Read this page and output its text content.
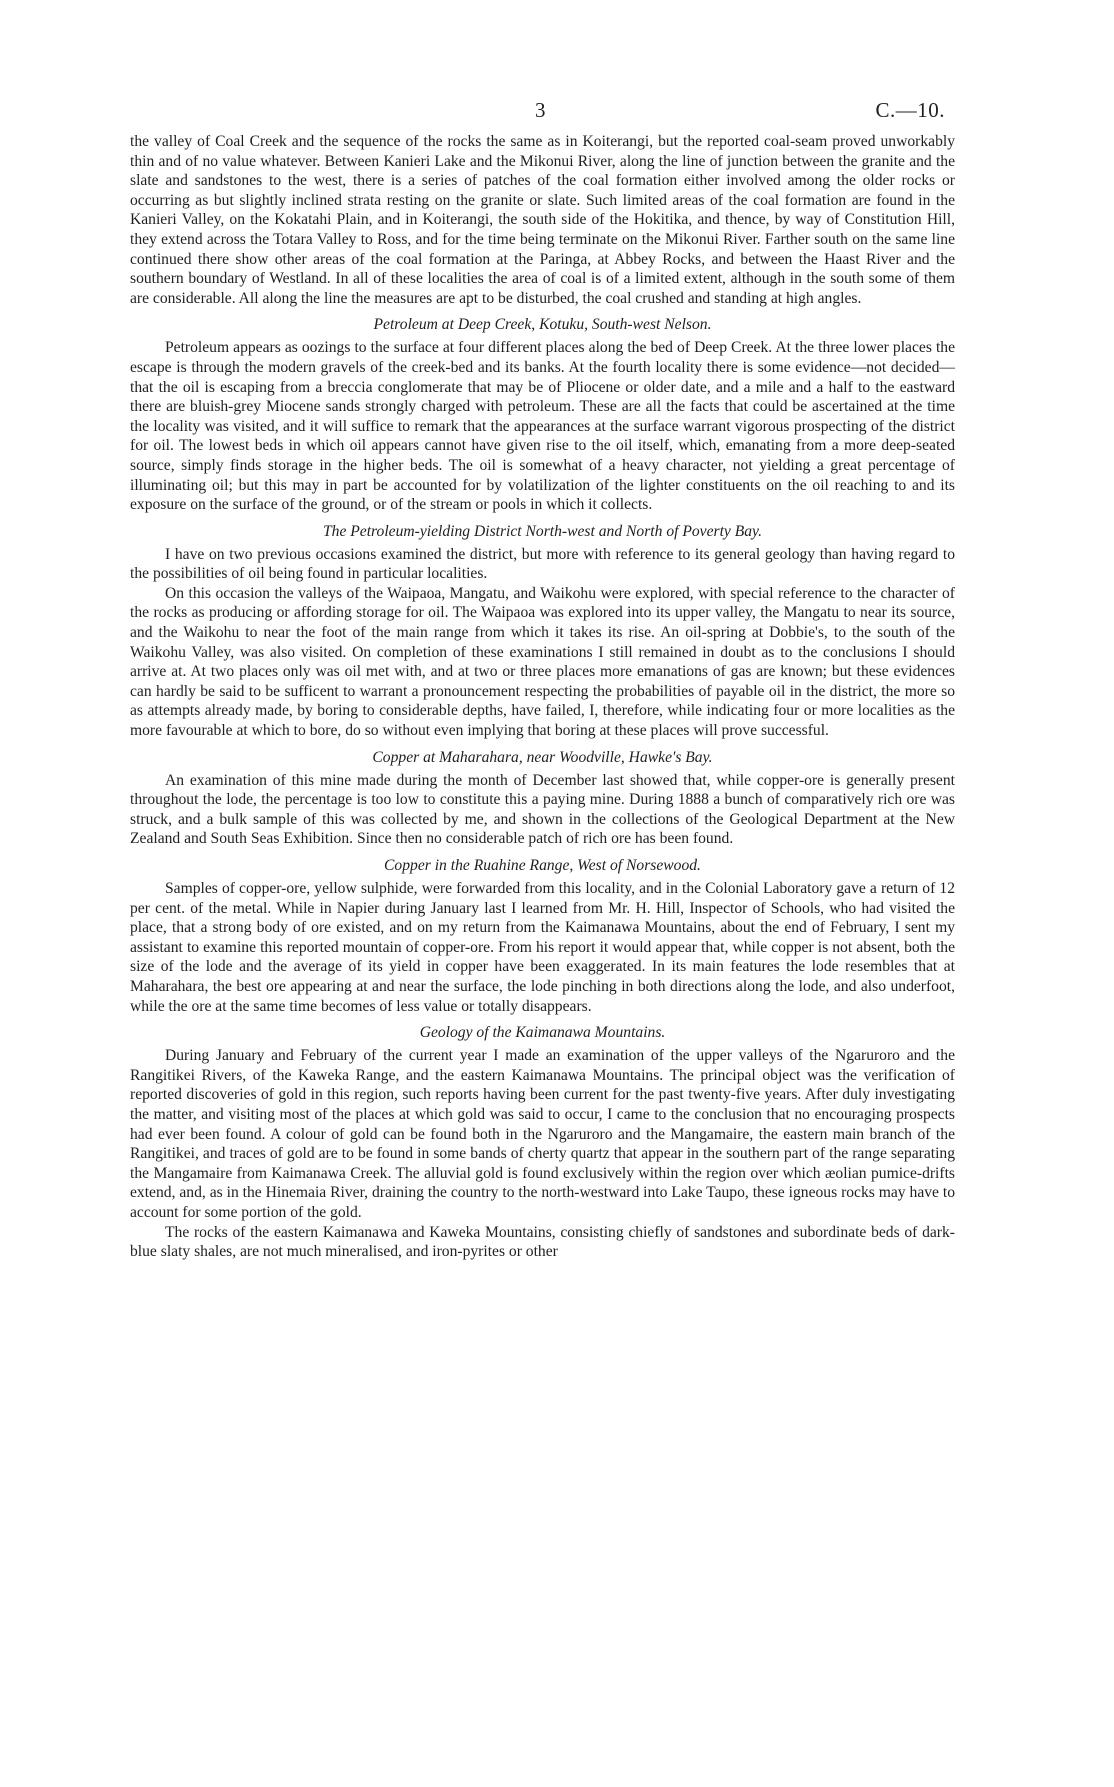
3	C.—10.

the valley of Coal Creek and the sequence of the rocks the same as in Koiterangi, but the reported coal-seam proved unworkably thin and of no value whatever. Between Kanieri Lake and the Mikonui River, along the line of junction between the granite and the slate and sandstones to the west, there is a series of patches of the coal formation either involved among the older rocks or occurring as but slightly inclined strata resting on the granite or slate. Such limited areas of the coal formation are found in the Kanieri Valley, on the Kokatahi Plain, and in Koiterangi, the south side of the Hokitika, and thence, by way of Constitution Hill, they extend across the Totara Valley to Ross, and for the time being terminate on the Mikonui River. Farther south on the same line continued there show other areas of the coal formation at the Paringa, at Abbey Rocks, and between the Haast River and the southern boundary of Westland. In all of these localities the area of coal is of a limited extent, although in the south some of them are considerable. All along the line the measures are apt to be disturbed, the coal crushed and standing at high angles.

Petroleum at Deep Creek, Kotuku, South-west Nelson.

Petroleum appears as oozings to the surface at four different places along the bed of Deep Creek. At the three lower places the escape is through the modern gravels of the creek-bed and its banks. At the fourth locality there is some evidence—not decided—that the oil is escaping from a breccia conglomerate that may be of Pliocene or older date, and a mile and a half to the eastward there are bluish-grey Miocene sands strongly charged with petroleum. These are all the facts that could be ascertained at the time the locality was visited, and it will suffice to remark that the appearances at the surface warrant vigorous prospecting of the district for oil. The lowest beds in which oil appears cannot have given rise to the oil itself, which, emanating from a more deep-seated source, simply finds storage in the higher beds. The oil is somewhat of a heavy character, not yielding a great percentage of illuminating oil; but this may in part be accounted for by volatilization of the lighter constituents on the oil reaching to and its exposure on the surface of the ground, or of the stream or pools in which it collects.

The Petroleum-yielding District North-west and North of Poverty Bay.

I have on two previous occasions examined the district, but more with reference to its general geology than having regard to the possibilities of oil being found in particular localities.

On this occasion the valleys of the Waipaoa, Mangatu, and Waikohu were explored, with special reference to the character of the rocks as producing or affording storage for oil. The Waipaoa was explored into its upper valley, the Mangatu to near its source, and the Waikohu to near the foot of the main range from which it takes its rise. An oil-spring at Dobbie's, to the south of the Waikohu Valley, was also visited. On completion of these examinations I still remained in doubt as to the conclusions I should arrive at. At two places only was oil met with, and at two or three places more emanations of gas are known; but these evidences can hardly be said to be sufficent to warrant a pronouncement respecting the probabilities of payable oil in the district, the more so as attempts already made, by boring to considerable depths, have failed, I, therefore, while indicating four or more localities as the more favourable at which to bore, do so without even implying that boring at these places will prove successful.

Copper at Maharahara, near Woodville, Hawke's Bay.

An examination of this mine made during the month of December last showed that, while copper-ore is generally present throughout the lode, the percentage is too low to constitute this a paying mine. During 1888 a bunch of comparatively rich ore was struck, and a bulk sample of this was collected by me, and shown in the collections of the Geological Department at the New Zealand and South Seas Exhibition. Since then no considerable patch of rich ore has been found.

Copper in the Ruahine Range, West of Norsewood.

Samples of copper-ore, yellow sulphide, were forwarded from this locality, and in the Colonial Laboratory gave a return of 12 per cent. of the metal. While in Napier during January last I learned from Mr. H. Hill, Inspector of Schools, who had visited the place, that a strong body of ore existed, and on my return from the Kaimanawa Mountains, about the end of February, I sent my assistant to examine this reported mountain of copper-ore. From his report it would appear that, while copper is not absent, both the size of the lode and the average of its yield in copper have been exaggerated. In its main features the lode resembles that at Maharahara, the best ore appearing at and near the surface, the lode pinching in both directions along the lode, and also underfoot, while the ore at the same time becomes of less value or totally disappears.

Geology of the Kaimanawa Mountains.

During January and February of the current year I made an examination of the upper valleys of the Ngaruroro and the Rangitikei Rivers, of the Kaweka Range, and the eastern Kaimanawa Mountains. The principal object was the verification of reported discoveries of gold in this region, such reports having been current for the past twenty-five years. After duly investigating the matter, and visiting most of the places at which gold was said to occur, I came to the conclusion that no encouraging prospects had ever been found. A colour of gold can be found both in the Ngaruroro and the Mangamaire, the eastern main branch of the Rangitikei, and traces of gold are to be found in some bands of cherty quartz that appear in the southern part of the range separating the Mangamaire from Kaimanawa Creek. The alluvial gold is found exclusively within the region over which æolian pumice-drifts extend, and, as in the Hinemaia River, draining the country to the north-westward into Lake Taupo, these igneous rocks may have to account for some portion of the gold.

The rocks of the eastern Kaimanawa and Kaweka Mountains, consisting chiefly of sandstones and subordinate beds of dark-blue slaty shales, are not much mineralised, and iron-pyrites or other
